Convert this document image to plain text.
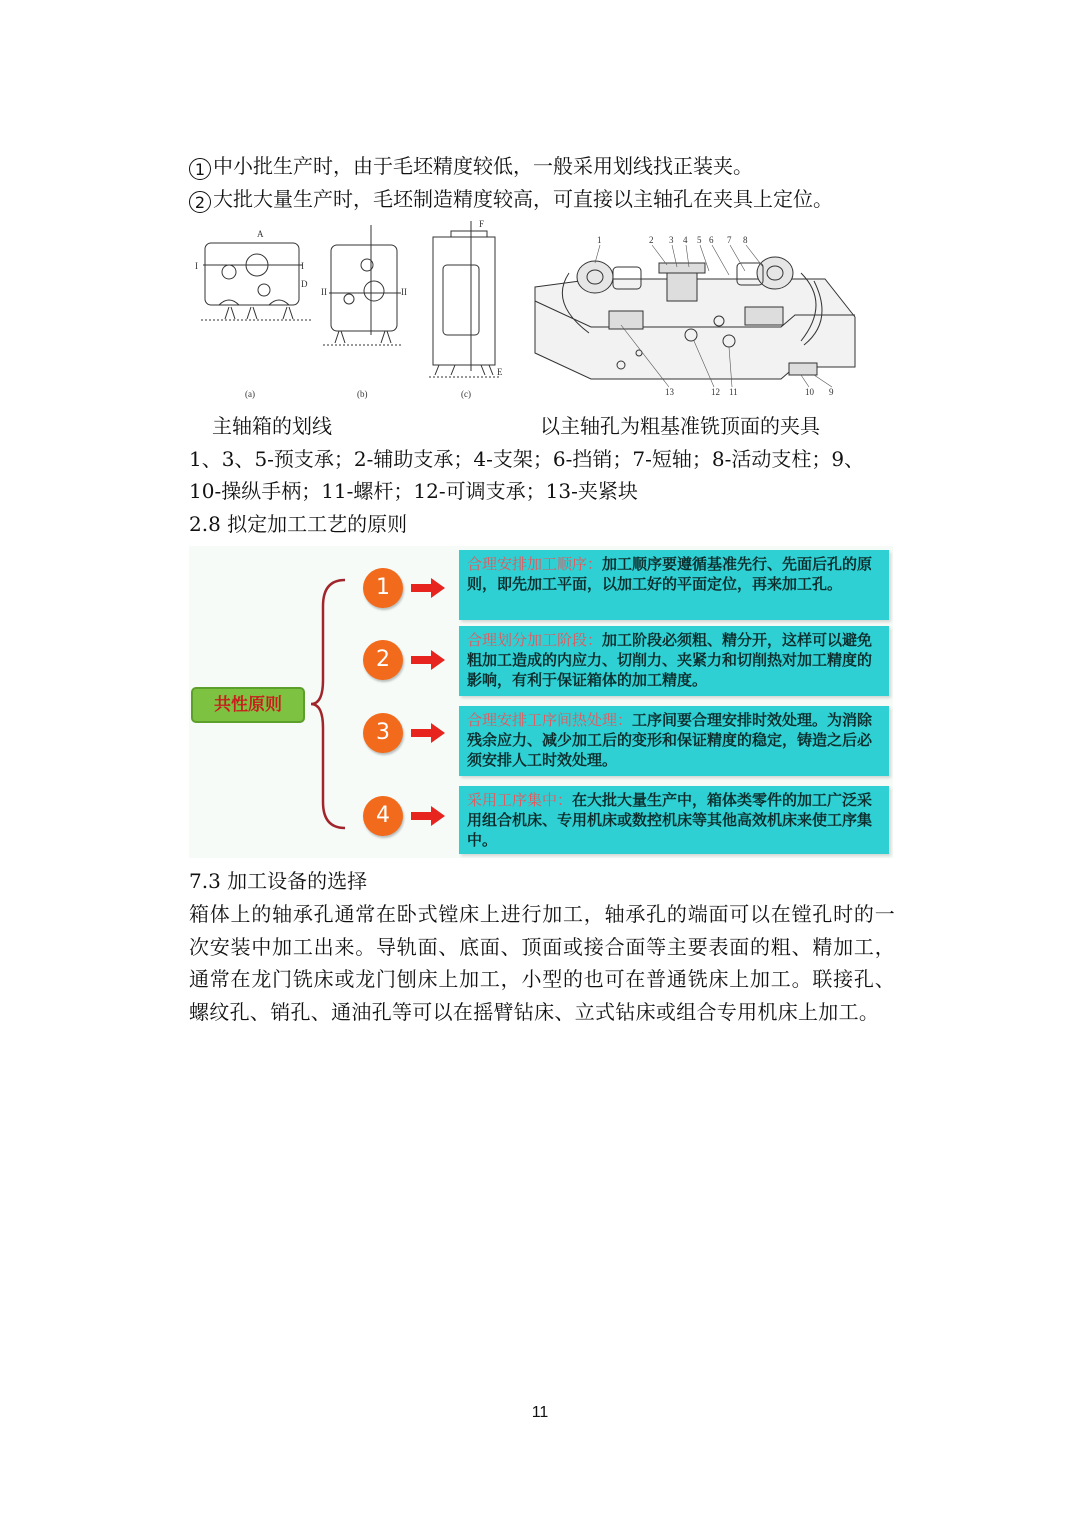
1 中小批生产时，由于毛坯精度较低，一般采用划线找正装夹。
2 大批大量生产时，毛坯制造精度较高，可直接以主轴孔在夹具上定位。
I	I
A
D
II	II
F
E
(a)	(b)	(c)
1	2 3 4 5 6 7 8
13	12 11	10 9
主轴箱的划线	以主轴孔为粗基准铣顶面的夹具
1、3、5-预支承；2-辅助支承；4-支架；6-挡销；7-短轴；8-活动支柱；9、
10-操纵手柄；11-螺杆；12-可调支承；13-夹紧块
2.8 拟定加工工艺的原则
共性原则
1
2
3
4
合理安排加工顺序：加工顺序要遵循基准先行、先面后孔的原则，即先加工平面，以加工好的平面定位，再来加工孔。
合理划分加工阶段：加工阶段必须粗、精分开，这样可以避免粗加工造成的内应力、切削力、夹紧力和切削热对加工精度的影响，有利于保证箱体的加工精度。
合理安排工序间热处理：工序间要合理安排时效处理。为消除残余应力、减少加工后的变形和保证精度的稳定，铸造之后必须安排人工时效处理。
采用工序集中：在大批大量生产中，箱体类零件的加工广泛采用组合机床、专用机床或数控机床等其他高效机床来使工序集中。
7.3 加工设备的选择
箱体上的轴承孔通常在卧式镗床上进行加工，轴承孔的端面可以在镗孔时的一次安装中加工出来。导轨面、底面、顶面或接合面等主要表面的粗、精加工，通常在龙门铣床或龙门刨床上加工，小型的也可在普通铣床上加工。联接孔、螺纹孔、销孔、通油孔等可以在摇臂钻床、立式钻床或组合专用机床上加工。
11
